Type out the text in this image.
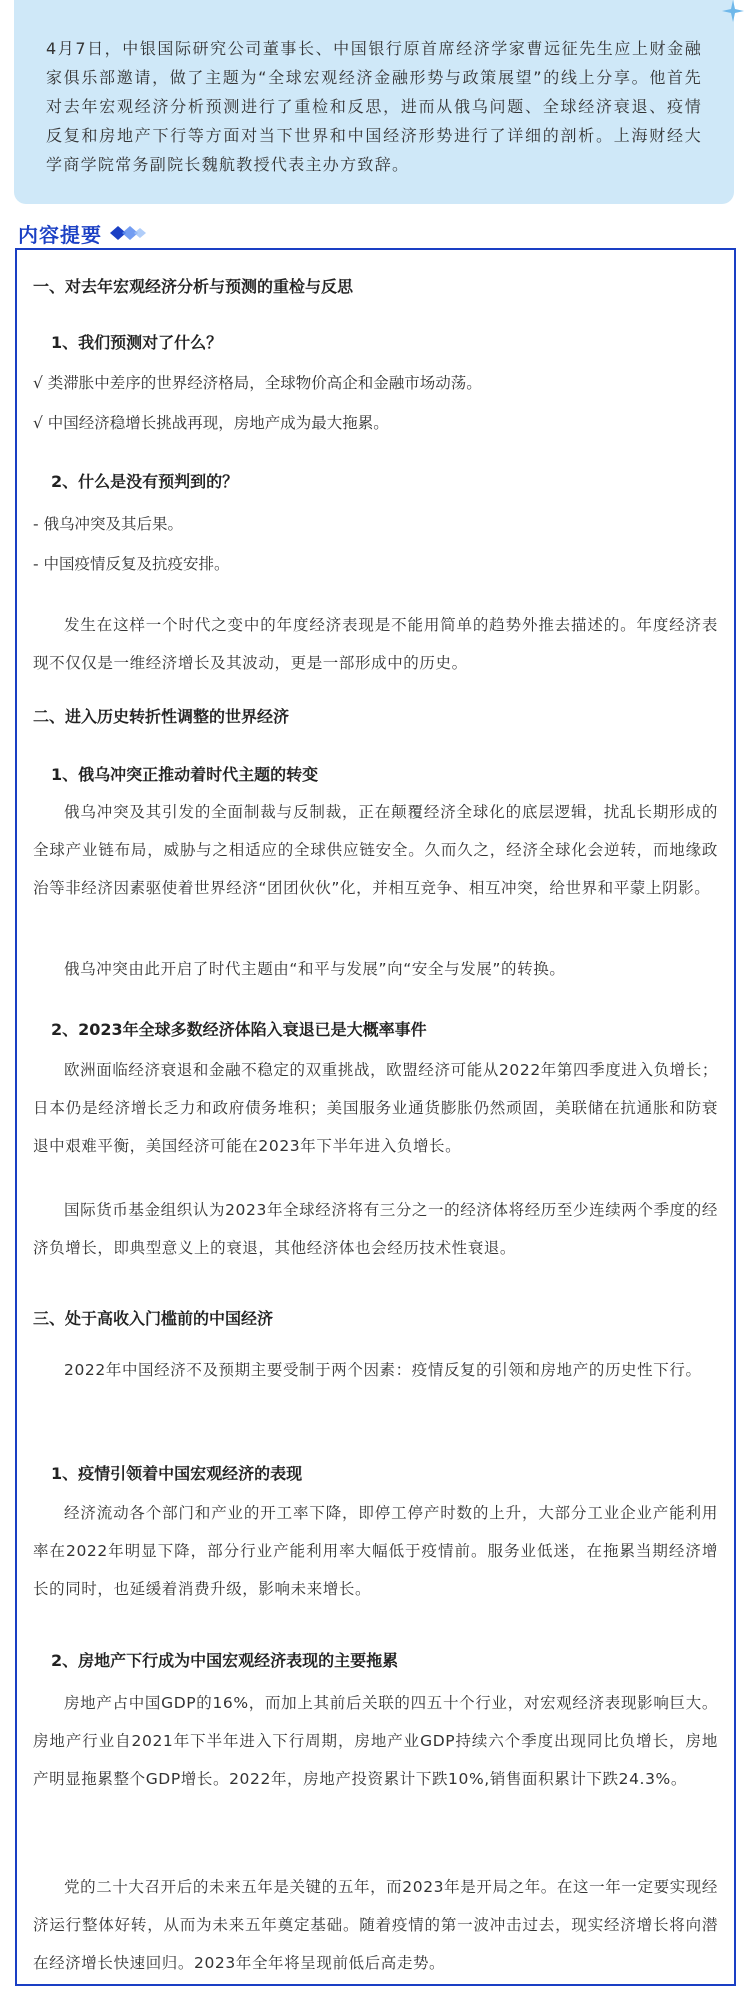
4月7日，中银国际研究公司董事长、中国银行原首席经济学家曹远征先生应上财金融家俱乐部邀请，做了主题为“全球宏观经济金融形势与政策展望”的线上分享。他首先对去年宏观经济分析预测进行了重检和反思，进而从俄乌问题、全球经济衰退、疫情反复和房地产下行等方面对当下世界和中国经济形势进行了详细的剖析。上海财经大学商学院常务副院长魏航教授代表主办方致辞。

内容提要
一、对去年宏观经济分析与预测的重检与反思
1、我们预测对了什么？
√ 类滞胀中差序的世界经济格局，全球物价高企和金融市场动荡。
√ 中国经济稳增长挑战再现，房地产成为最大拖累。
2、什么是没有预判到的？
- 俄乌冲突及其后果。
- 中国疫情反复及抗疫安排。
发生在这样一个时代之变中的年度经济表现是不能用简单的趋势外推去描述的。年度经济表现不仅仅是一维经济增长及其波动，更是一部形成中的历史。
二、进入历史转折性调整的世界经济
1、俄乌冲突正推动着时代主题的转变
俄乌冲突及其引发的全面制裁与反制裁，正在颠覆经济全球化的底层逻辑，扰乱长期形成的全球产业链布局，威胁与之相适应的全球供应链安全。久而久之，经济全球化会逆转，而地缘政治等非经济因素驱使着世界经济“团团伙伙”化，并相互竞争、相互冲突，给世界和平蒙上阴影。
俄乌冲突由此开启了时代主题由“和平与发展”向“安全与发展”的转换。
2、2023年全球多数经济体陷入衰退已是大概率事件
欧洲面临经济衰退和金融不稳定的双重挑战，欧盟经济可能从2022年第四季度进入负增长；日本仍是经济增长乏力和政府债务堆积；美国服务业通货膨胀仍然顽固，美联储在抗通胀和防衰退中艰难平衡，美国经济可能在2023年下半年进入负增长。
国际货币基金组织认为2023年全球经济将有三分之一的经济体将经历至少连续两个季度的经济负增长，即典型意义上的衰退，其他经济体也会经历技术性衰退。
三、处于高收入门槛前的中国经济
2022年中国经济不及预期主要受制于两个因素：疫情反复的引领和房地产的历史性下行。
1、疫情引领着中国宏观经济的表现
经济流动各个部门和产业的开工率下降，即停工停产时数的上升，大部分工业企业产能利用率在2022年明显下降，部分行业产能利用率大幅低于疫情前。服务业低迷，在拖累当期经济增长的同时，也延缓着消费升级，影响未来增长。
2、房地产下行成为中国宏观经济表现的主要拖累
房地产占中国GDP的16%，而加上其前后关联的四五十个行业，对宏观经济表现影响巨大。房地产行业自2021年下半年进入下行周期，房地产业GDP持续六个季度出现同比负增长，房地产明显拖累整个GDP增长。2022年，房地产投资累计下跌10%,销售面积累计下跌24.3%。
党的二十大召开后的未来五年是关键的五年，而2023年是开局之年。在这一年一定要实现经济运行整体好转，从而为未来五年奠定基础。随着疫情的第一波冲击过去，现实经济增长将向潜在经济增长快速回归。2023年全年将呈现前低后高走势。
